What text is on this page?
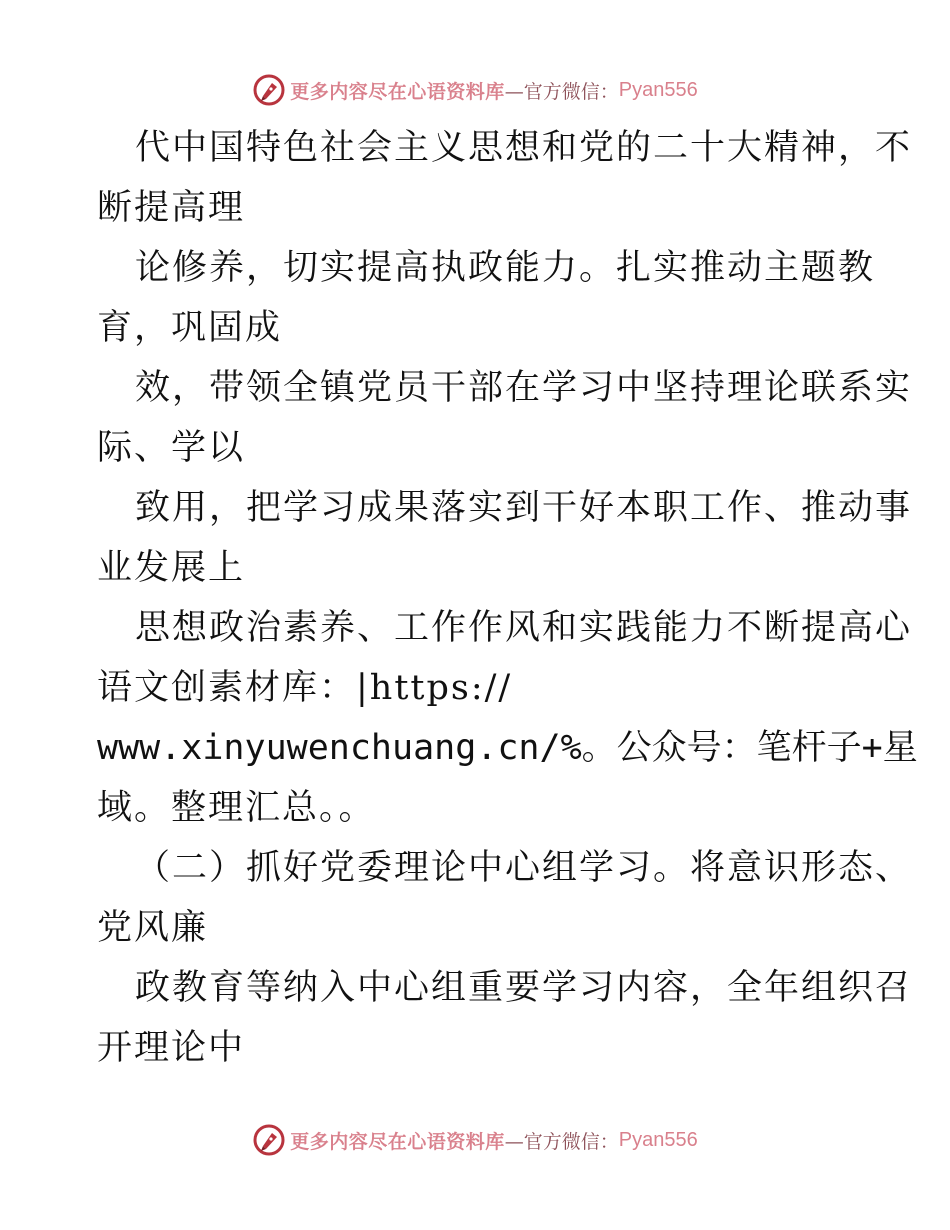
更多内容尽在心语资料库 —官方微信： Pyan556
代中国特色社会主义思想和党的二十大精神，不
断提高理
论修养，切实提高执政能力。扎实推动主题教
育，巩固成
效，带领全镇党员干部在学习中坚持理论联系实
际、学以
致用，把学习成果落实到干好本职工作、推动事
业发展上
思想政治素养、工作作风和实践能力不断提高心
语文创素材库：|https://
www.xinyuwenchuang.cn/%。公众号：笔杆子+星
域。整理汇总。。
（二）抓好党委理论中心组学习。将意识形态、
党风廉
政教育等纳入中心组重要学习内容，全年组织召
开理论中
更多内容尽在心语资料库 —官方微信： Pyan556
